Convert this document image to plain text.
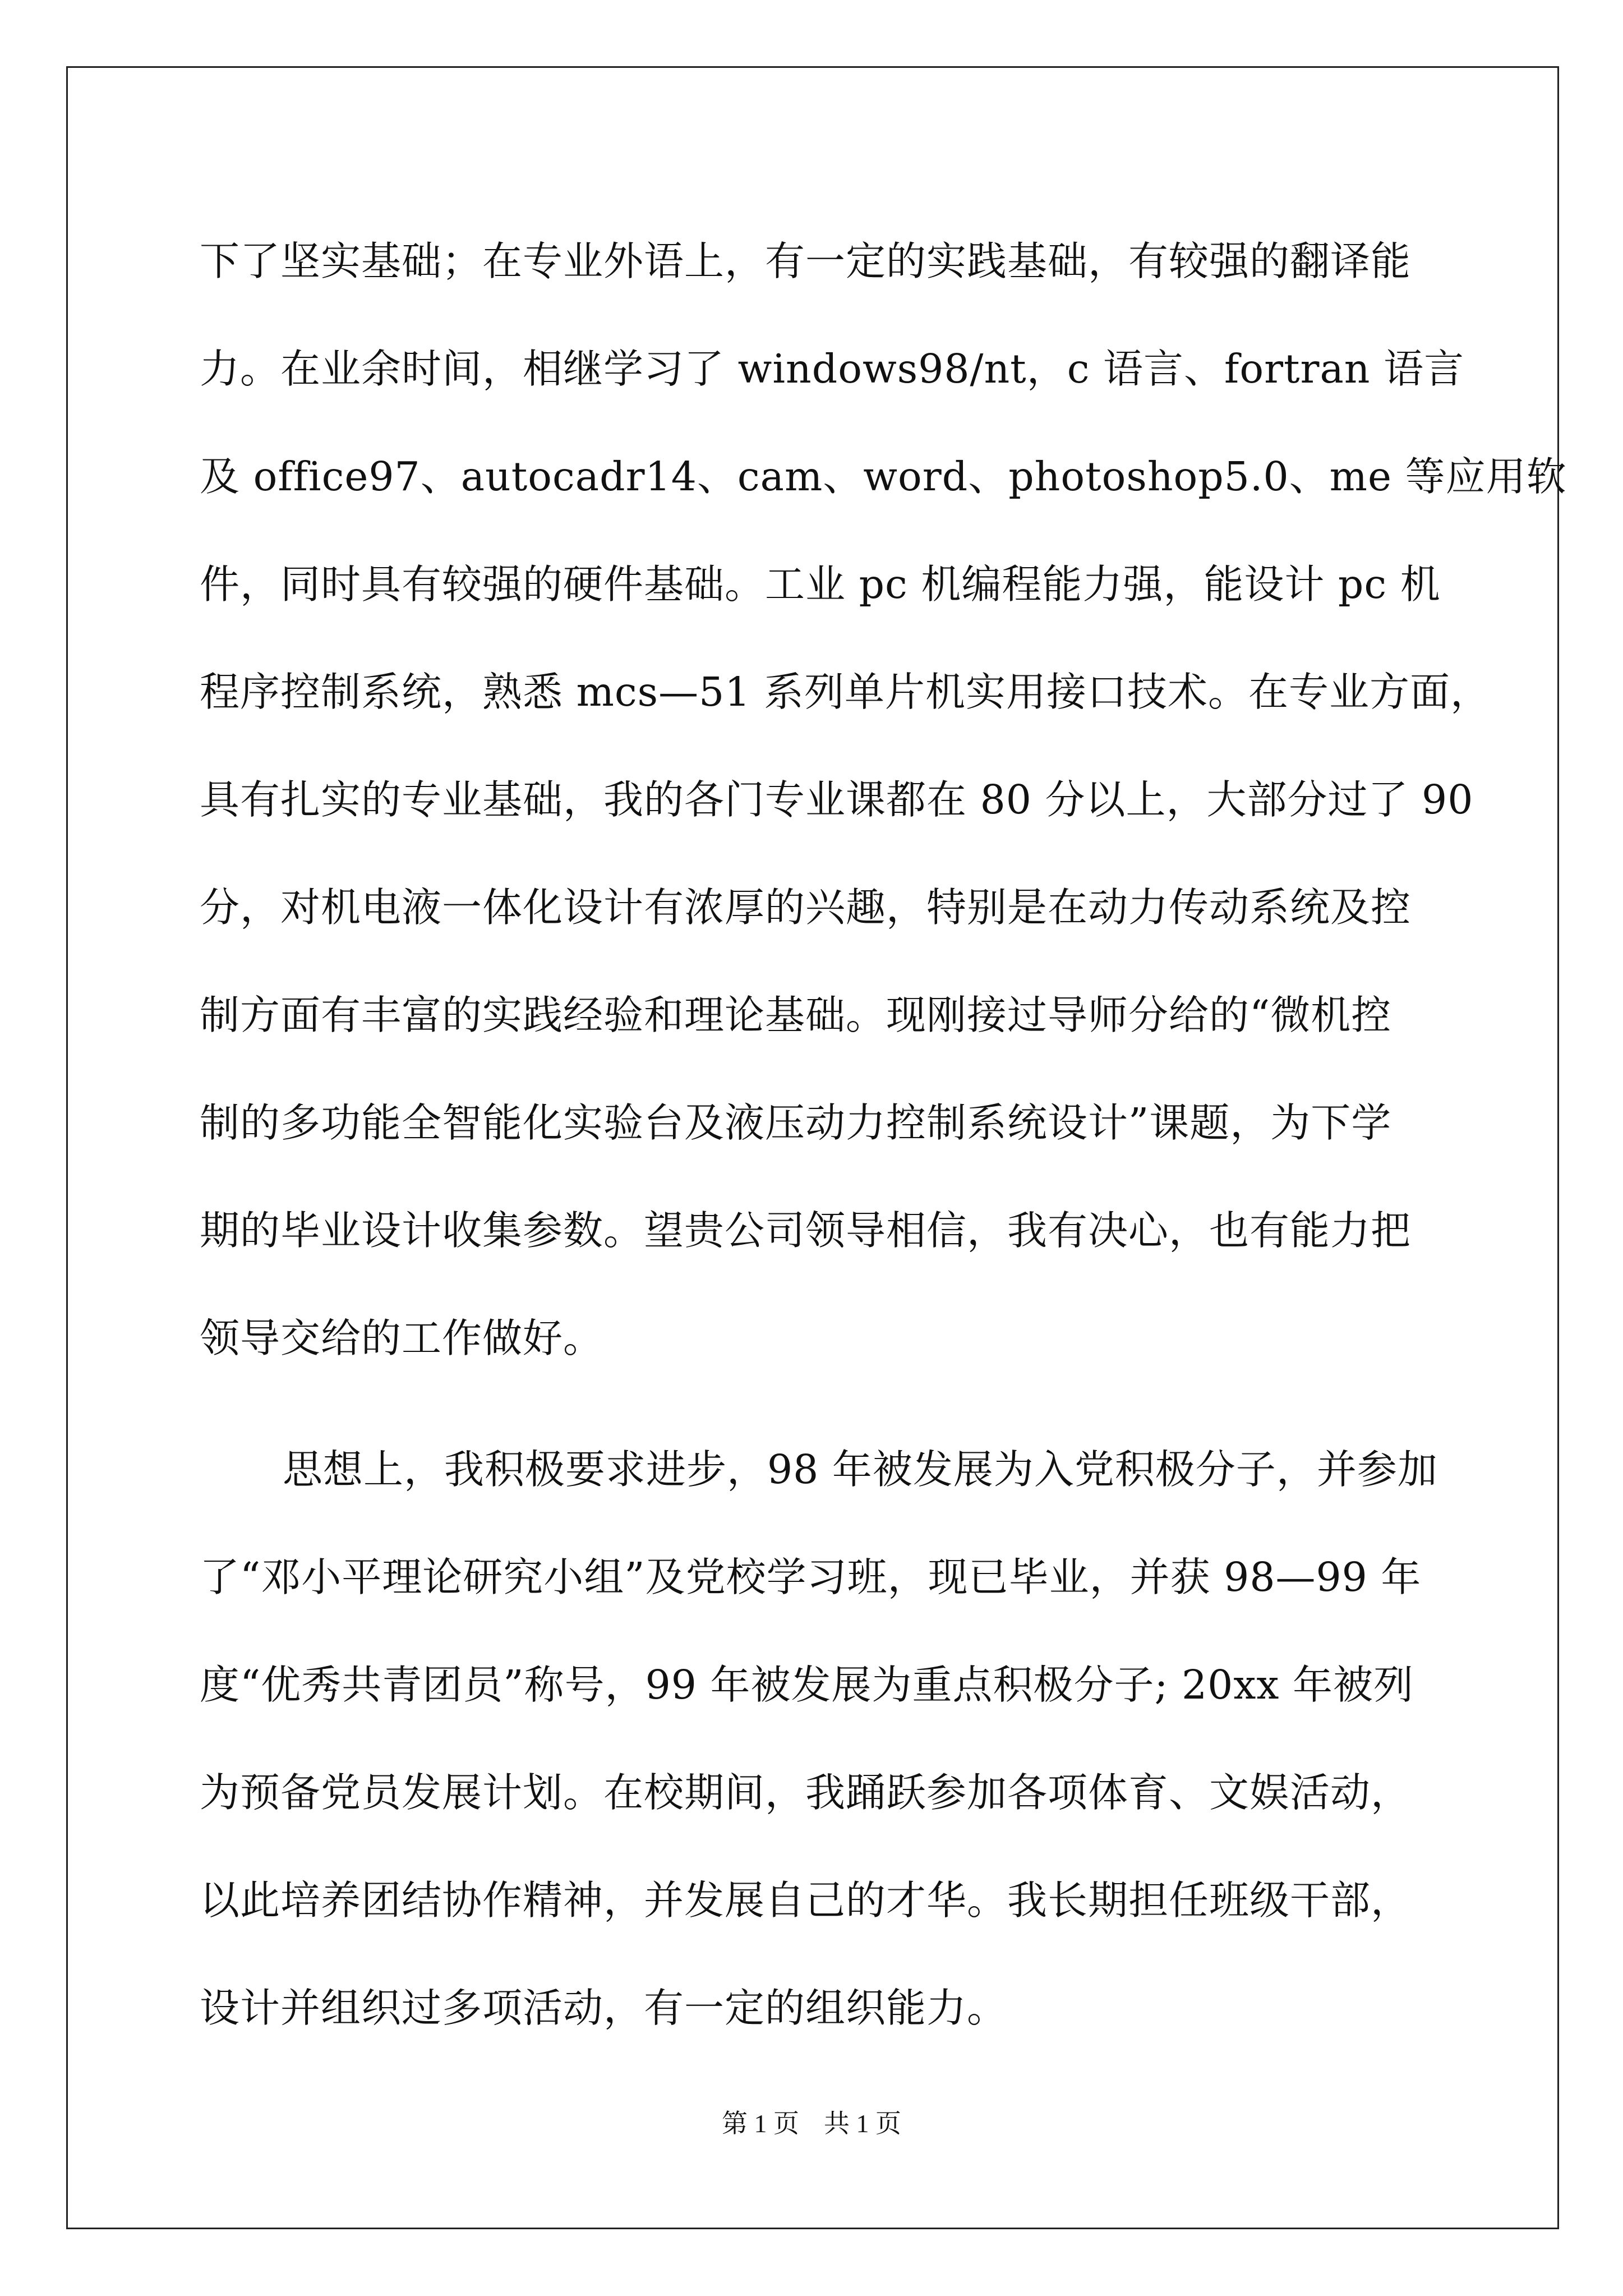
下了坚实基础；在专业外语上，有一定的实践基础，有较强的翻译能
力。在业余时间，相继学习了 windows98/nt，c 语言、fortran 语言
及 office97、autocadr14、cam、word、photoshop5.0、me 等应用软
件，同时具有较强的硬件基础。工业 pc 机编程能力强，能设计 pc 机
程序控制系统，熟悉 mcs—51 系列单片机实用接口技术。在专业方面，
具有扎实的专业基础，我的各门专业课都在 80 分以上，大部分过了 90
分，对机电液一体化设计有浓厚的兴趣，特别是在动力传动系统及控
制方面有丰富的实践经验和理论基础。现刚接过导师分给的“微机控
制的多功能全智能化实验台及液压动力控制系统设计”课题，为下学
期的毕业设计收集参数。望贵公司领导相信，我有决心，也有能力把
领导交给的工作做好。
思想上，我积极要求进步，98 年被发展为入党积极分子，并参加
了“邓小平理论研究小组”及党校学习班，现已毕业，并获 98—99 年
度“优秀共青团员”称号，99 年被发展为重点积极分子; 20xx 年被列
为预备党员发展计划。在校期间，我踊跃参加各项体育、文娱活动，
以此培养团结协作精神，并发展自己的才华。我长期担任班级干部，
设计并组织过多项活动，有一定的组织能力。
第 1 页 共 1 页
